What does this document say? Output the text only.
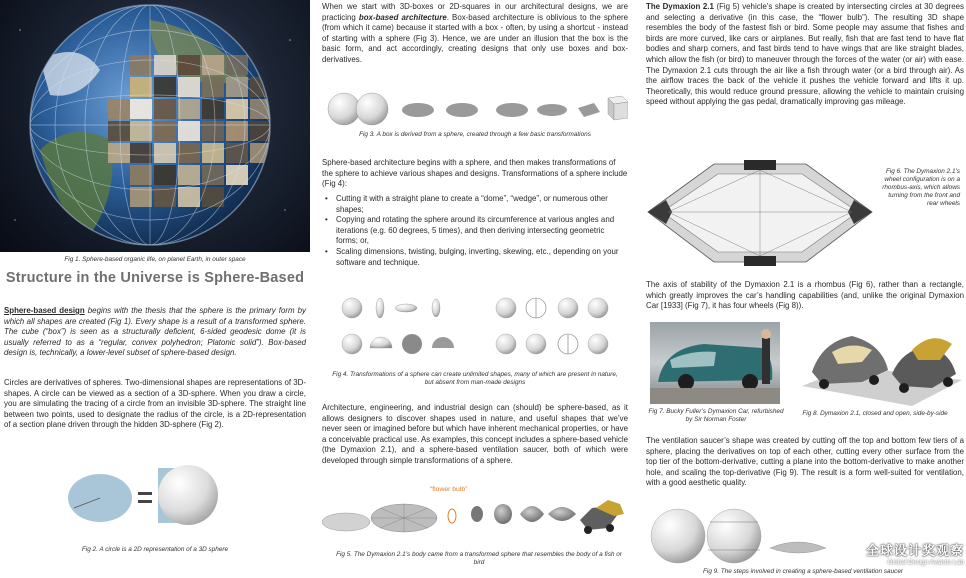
Fig 1. Sphere-based organic life, on planet Earth, in outer space
Structure in the Universe is Sphere-Based

Sphere-based design begins with the thesis that the sphere is the primary form by which all shapes are created (Fig 1). Every shape is a result of a transformed sphere. The cube (“box”) is seen as a structurally deficient, 6-sided geodesic dome (it is usually referred to as a “regular, convex polyhedron; Platonic solid”). Box-based design is, technically, a lower-level subset of sphere-based design.

Circles are derivatives of spheres. Two-dimensional shapes are representations of 3D-shapes. A circle can be viewed as a section of a 3D-sphere. When you draw a circle, you are simulating the tracing of a circle from an invisible 3D-sphere. The straight line between two points, used to designate the radius of the circle, is a 2D-representation of a section plane driven through the hidden 3D-sphere (Fig 2).

Fig 2. A circle is a 2D representation of a 3D sphere

When we start with 3D-boxes or 2D-squares in our architectural designs, we are practicing box-based architecture. Box-based architecture is oblivious to the sphere (from which it came) because it started with a box - often, by using a shortcut - instead of starting with a sphere (Fig 3). Hence, we are under an illusion that the box is the basic form, and act accordingly, creating designs that only use boxes and box-derivatives.

Fig 3. A box is derived from a sphere, created through a few basic transformations

Sphere-based architecture begins with a sphere, and then makes transformations of the sphere to achieve various shapes and designs. Transformations of a sphere include (Fig 4):

• Cutting it with a straight plane to create a “dome”, “wedge”, or numerous other shapes;
• Copying and rotating the sphere around its circumference at various angles and iterations (e.g. 60 degrees, 5 times), and then deriving intersecting geometric forms; or,
• Scaling dimensions, twisting, bulging, inverting, skewing, etc., depending on your software and technique.
Fig 4. Transformations of a sphere can create unlimited shapes, many of which are present in nature, but absent from man-made designs

Architecture, engineering, and industrial design can (should) be sphere-based, as it allows designers to discover shapes used in nature, and useful shapes that we’ve never seen or imagined before but which have inherent mechanical properties, or have a conceivable practical use. As examples, this concept includes a sphere-based vehicle (the Dymaxion 2.1), and a sphere-based ventilation saucer, both of which were developed through simple transformations of a sphere.

“flower bulb”
Fig 5. The Dymaxion 2.1’s body came from a transformed sphere that resembles the body of a fish or bird

The Dymaxion 2.1 (Fig 5) vehicle’s shape is created by intersecting circles at 30 degrees and selecting a derivative (in this case, the “flower bulb”). The resulting 3D shape resembles the body of the fastest fish or bird. Some people may assume that fishes and birds are more curved, like cars or airplanes. But really, fish that are fast tend to have flat bodies and sharp corners, and fast birds tend to have wings that are like straight blades, which allow the fish (or bird) to maneuver through the forces of the water (or air) with ease. The Dymaxion 2.1 cuts through the air like a fish through water (or a bird through air). As the airflow traces the back of the vehicle it pushes the vehicle forward and lifts it up. Theoretically, this would reduce ground pressure, allowing the vehicle to maintain cruising speed without applying the gas pedal, dramatically improving gas mileage.

Fig 6. The Dymaxion 2.1’s wheel configuration is on a rhombus-axis, which allows turning from the front and rear wheels

The axis of stability of the Dymaxion 2.1 is a rhombus (Fig 6), rather than a rectangle, which greatly improves the car’s handling capabilities (and, unlike the original Dymaxion Car [1933] (Fig 7), it has four wheels (Fig 8)).

Fig 7. Bucky Fuller’s Dymaxion Car, refurbished by Sir Norman Foster
Fig 8. Dymaxion 2.1, closed and open, side-by-side

The ventilation saucer’s shape was created by cutting off the top and bottom few tiers of a sphere, placing the derivatives on top of each other, cutting every other surface from the top tier of the bottom-derivative, cutting a plane into the bottom-derivative to make another hole, and scaling the top-derivative (Fig 9). The result is a form well-suited for ventilation, with a good aesthetic quality.

全球设计奖观察
Global Design Awards Lab
Fig 9. The steps involved in creating a sphere-based ventilation saucer
